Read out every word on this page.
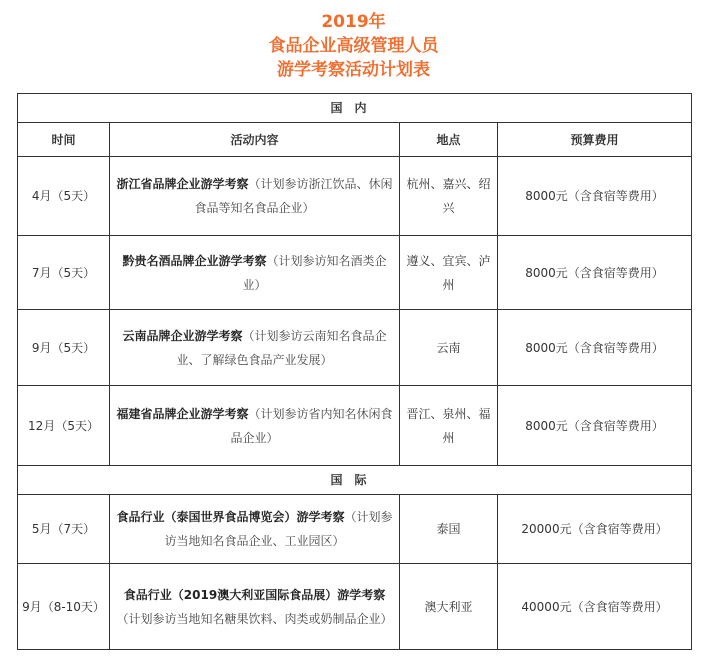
2019年
食品企业高级管理人员
游学考察活动计划表
国内			
时间	活动内容	地点	预算费用
4月（5天）	浙江省品牌企业游学考察（计划参访浙江饮品、休闲食品等知名食品企业）	杭州、嘉兴、绍兴	8000元（含食宿等费用）
7月（5天）	黔贵名酒品牌企业游学考察（计划参访知名酒类企业）	遵义、宜宾、泸州	8000元（含食宿等费用）
9月（5天）	云南品牌企业游学考察（计划参访云南知名食品企业、了解绿色食品产业发展）	云南	8000元（含食宿等费用）
12月（5天）	福建省品牌企业游学考察（计划参访省内知名休闲食品企业）	晋江、泉州、福州	8000元（含食宿等费用）
国际			
5月（7天）	食品行业（泰国世界食品博览会）游学考察（计划参访当地知名食品企业、工业园区）	泰国	20000元（含食宿等费用）
9月（8-10天）	食品行业（2019澳大利亚国际食品展）游学考察（计划参访当地知名糖果饮料、肉类或奶制品企业）	澳大利亚	40000元（含食宿等费用）
